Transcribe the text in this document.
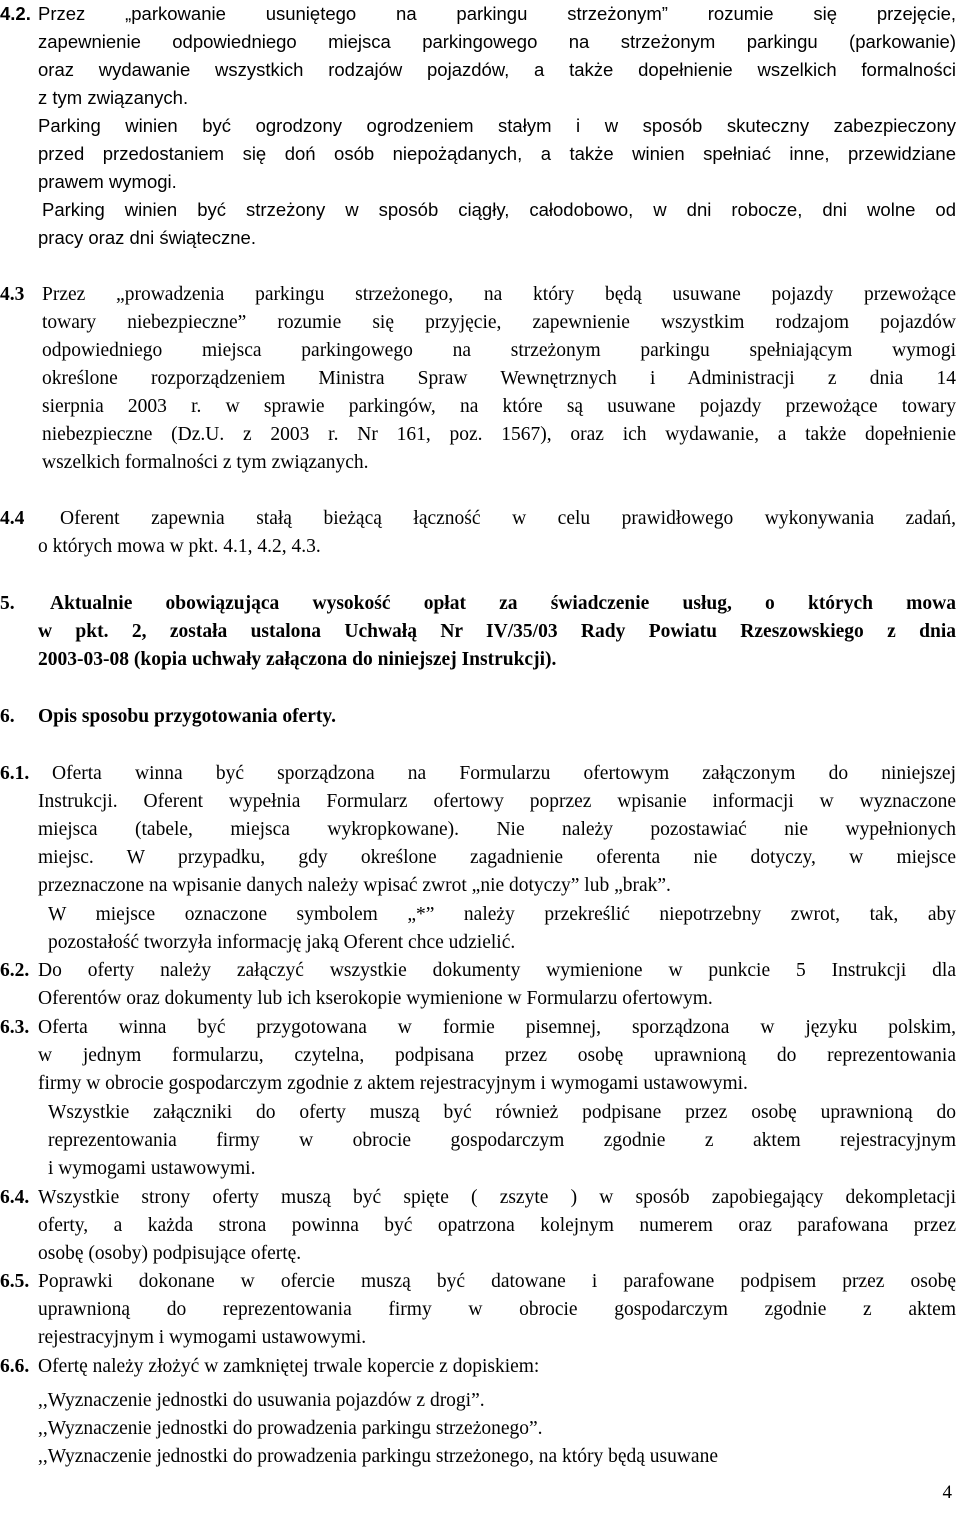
4.2. Przez „parkowanie usuniętego na parkingu strzeżonym” rozumie się przejęcie,
zapewnienie odpowiedniego miejsca parkingowego na strzeżonym parkingu (parkowanie)
oraz wydawanie wszystkich rodzajów pojazdów, a także dopełnienie wszelkich formalności
z tym związanych.
Parking winien być ogrodzony ogrodzeniem stałym i w sposób skuteczny zabezpieczony
przed przedostaniem się doń osób niepożądanych, a także winien spełniać inne, przewidziane
prawem wymogi.
Parking winien być strzeżony w sposób ciągły, całodobowo, w dni robocze, dni wolne od
pracy oraz dni świąteczne.
4.3 Przez „prowadzenia parkingu strzeżonego, na który będą usuwane pojazdy przewożące
towary niebezpieczne” rozumie się przyjęcie, zapewnienie wszystkim rodzajom pojazdów
odpowiedniego miejsca parkingowego na strzeżonym parkingu spełniającym wymogi
określone rozporządzeniem Ministra Spraw Wewnętrznych i Administracji z dnia 14
sierpnia 2003 r. w sprawie parkingów, na które są usuwane pojazdy przewożące towary
niebezpieczne (Dz.U. z 2003 r. Nr 161, poz. 1567), oraz ich wydawanie, a także dopełnienie
wszelkich formalności z tym związanych.
4.4 Oferent zapewnia stałą bieżącą łączność w celu prawidłowego wykonywania zadań,
o których mowa w pkt. 4.1, 4.2, 4.3.
5. Aktualnie obowiązująca wysokość opłat za świadczenie usług, o których mowa
w pkt. 2, została ustalona Uchwałą Nr IV/35/03 Rady Powiatu Rzeszowskiego z dnia
2003-03-08 (kopia uchwały załączona do niniejszej Instrukcji).
6. Opis sposobu przygotowania oferty.
6.1. Oferta winna być sporządzona na Formularzu ofertowym załączonym do niniejszej
Instrukcji. Oferent wypełnia Formularz ofertowy poprzez wpisanie informacji w wyznaczone
miejsca (tabele, miejsca wykropkowane). Nie należy pozostawiać nie wypełnionych
miejsc. W przypadku, gdy określone zagadnienie oferenta nie dotyczy, w miejsce
przeznaczone na wpisanie danych należy wpisać zwrot „nie dotyczy” lub „brak”.
W miejsce oznaczone symbolem „*” należy przekreślić niepotrzebny zwrot, tak, aby
pozostałość tworzyła informację jaką Oferent chce udzielić.
6.2. Do oferty należy załączyć wszystkie dokumenty wymienione w punkcie 5 Instrukcji dla
Oferentów oraz dokumenty lub ich kserokopie wymienione w Formularzu ofertowym.
6.3. Oferta winna być przygotowana w formie pisemnej, sporządzona w języku polskim,
w jednym formularzu, czytelna, podpisana przez osobę uprawnioną do reprezentowania
firmy w obrocie gospodarczym zgodnie z aktem rejestracyjnym i wymogami ustawowymi.
Wszystkie załączniki do oferty muszą być również podpisane przez osobę uprawnioną do
reprezentowania firmy w obrocie gospodarczym zgodnie z aktem rejestracyjnym
i wymogami ustawowymi.
6.4. Wszystkie strony oferty muszą być spięte ( zszyte ) w sposób zapobiegający dekompletacji
oferty, a każda strona powinna być opatrzona kolejnym numerem oraz parafowana przez
osobę (osoby) podpisujące ofertę.
6.5. Poprawki dokonane w ofercie muszą być datowane i parafowane podpisem przez osobę
uprawnioną do reprezentowania firmy w obrocie gospodarczym zgodnie z aktem
rejestracyjnym i wymogami ustawowymi.
6.6. Ofertę należy złożyć w zamkniętej trwale kopercie z dopiskiem:
,,Wyznaczenie jednostki do usuwania pojazdów z drogi”.
,,Wyznaczenie jednostki do prowadzenia parkingu strzeżonego”.
,,Wyznaczenie jednostki do prowadzenia parkingu strzeżonego, na który będą usuwane
4
